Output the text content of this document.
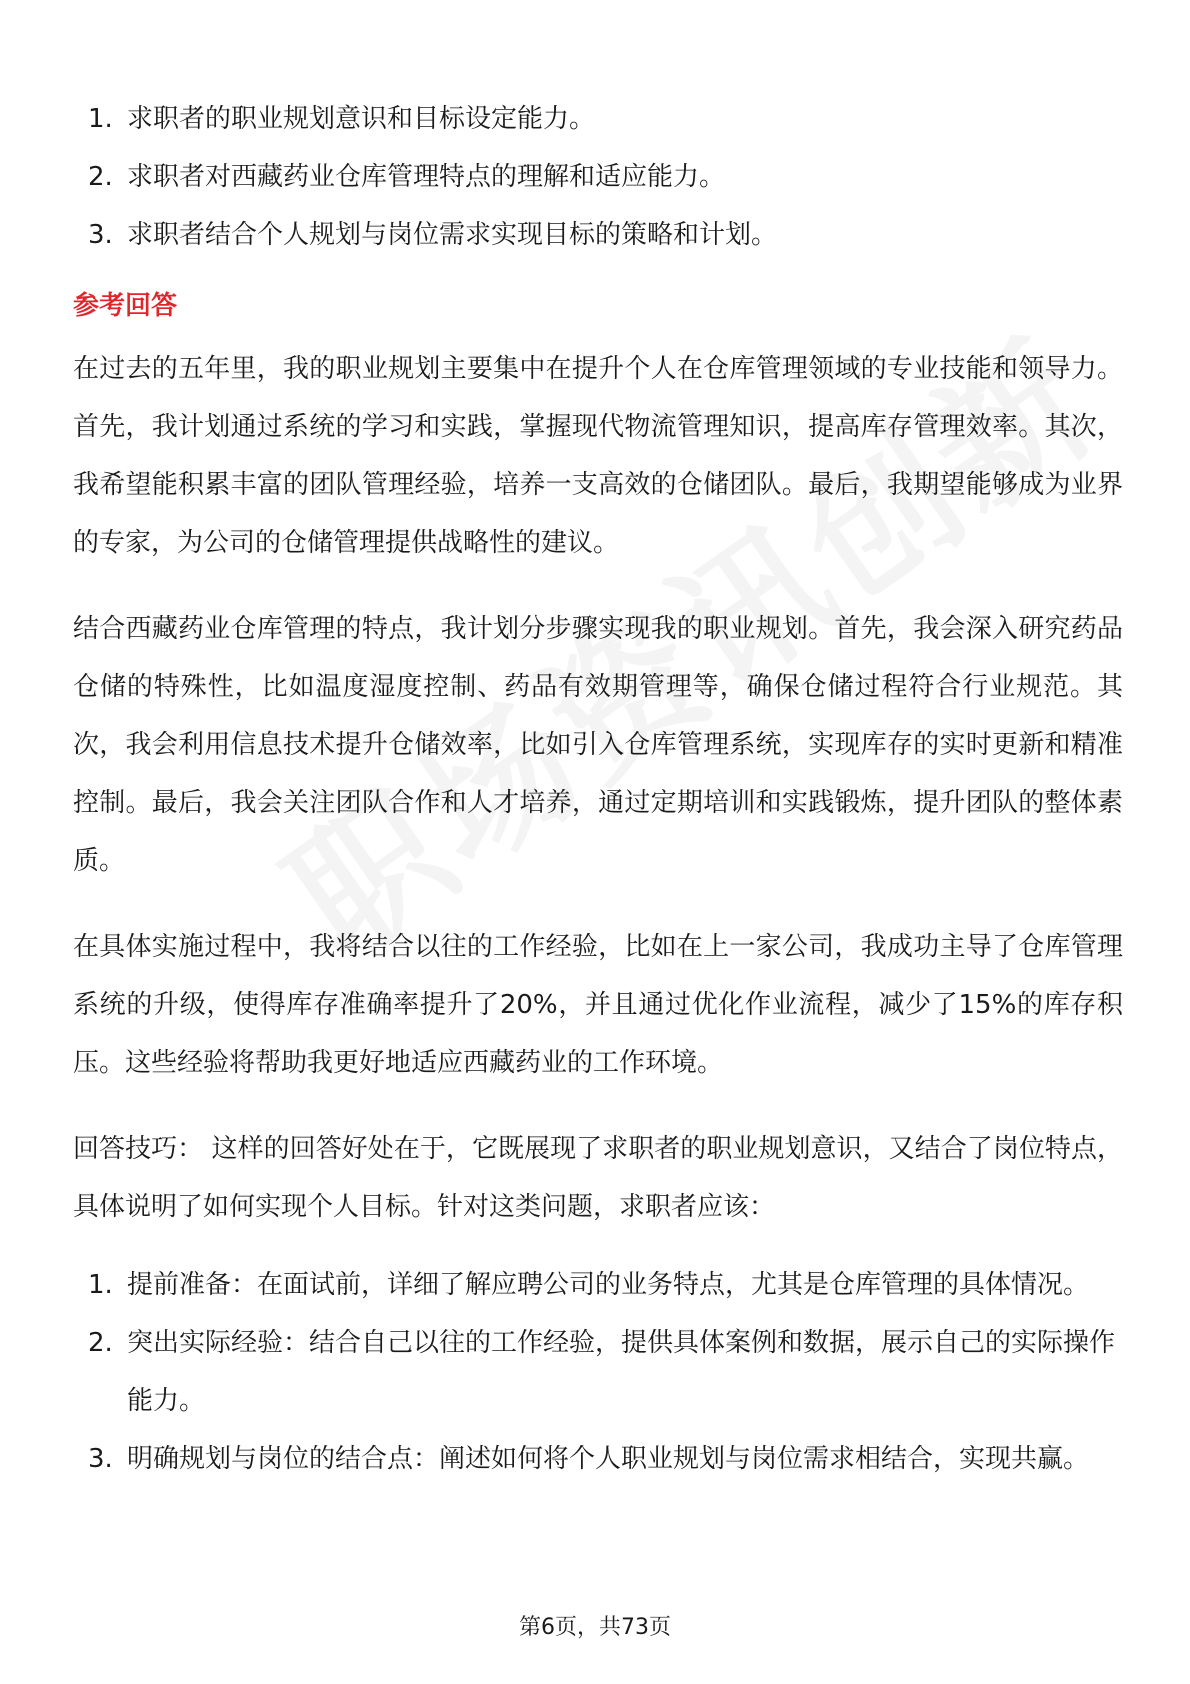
1. 求职者的职业规划意识和目标设定能力。
2. 求职者对西藏药业仓库管理特点的理解和适应能力。
3. 求职者结合个人规划与岗位需求实现目标的策略和计划。
参考回答

在过去的五年里，我的职业规划主要集中在提升个人在仓库管理领域的专业技能和领导力。首先，我计划通过系统的学习和实践，掌握现代物流管理知识，提高库存管理效率。其次，我希望能积累丰富的团队管理经验，培养一支高效的仓储团队。最后，我期望能够成为业界的专家，为公司的仓储管理提供战略性的建议。

结合西藏药业仓库管理的特点，我计划分步骤实现我的职业规划。首先，我会深入研究药品仓储的特殊性，比如温度湿度控制、药品有效期管理等，确保仓储过程符合行业规范。其次，我会利用信息技术提升仓储效率，比如引入仓库管理系统，实现库存的实时更新和精准控制。最后，我会关注团队合作和人才培养，通过定期培训和实践锻炼，提升团队的整体素质。

在具体实施过程中，我将结合以往的工作经验，比如在上一家公司，我成功主导了仓库管理系统的升级，使得库存准确率提升了20%，并且通过优化作业流程，减少了15%的库存积压。这些经验将帮助我更好地适应西藏药业的工作环境。

回答技巧： 这样的回答好处在于，它既展现了求职者的职业规划意识，又结合了岗位特点，具体说明了如何实现个人目标。针对这类问题，求职者应该：

1. 提前准备：在面试前，详细了解应聘公司的业务特点，尤其是仓库管理的具体情况。
2. 突出实际经验：结合自己以往的工作经验，提供具体案例和数据，展示自己的实际操作能力。
3. 明确规划与岗位的结合点：阐述如何将个人职业规划与岗位需求相结合，实现共赢。
第6页，共73页
